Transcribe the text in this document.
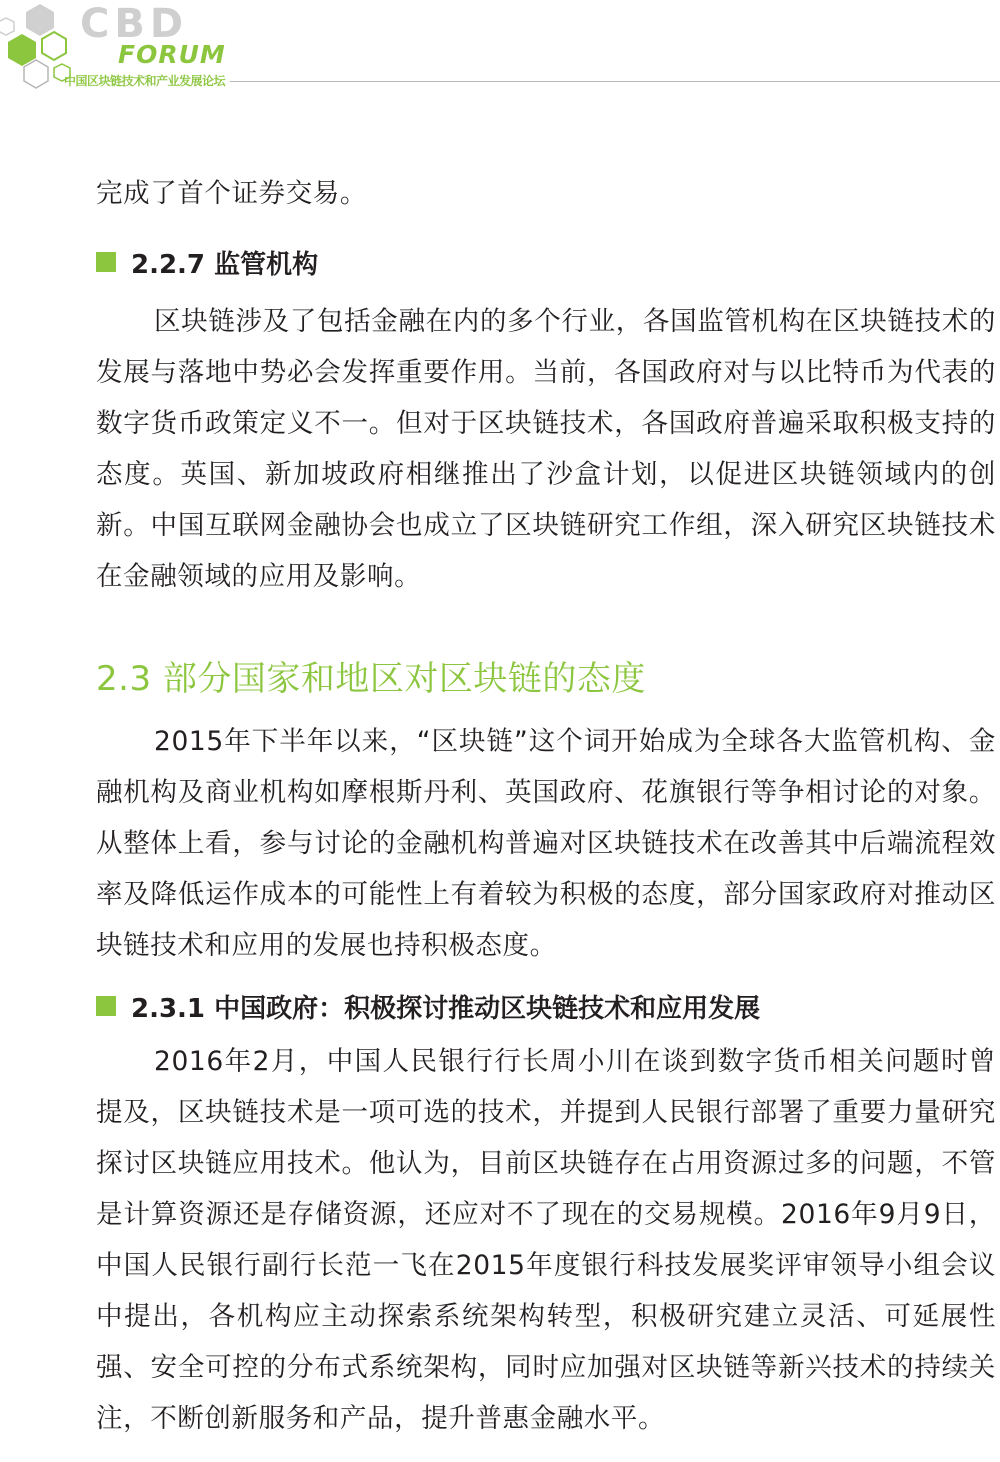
CBD
FORUM
中国区块链技术和产业发展论坛

完成了首个证券交易。

2.2.7 监管机构

区块链涉及了包括金融在内的多个行业，各国监管机构在区块链技术的发展与落地中势必会发挥重要作用。当前，各国政府对与以比特币为代表的数字货币政策定义不一。但对于区块链技术，各国政府普遍采取积极支持的态度。英国、新加坡政府相继推出了沙盒计划，以促进区块链领域内的创新。中国互联网金融协会也成立了区块链研究工作组，深入研究区块链技术在金融领域的应用及影响。

2.3 部分国家和地区对区块链的态度

2015年下半年以来，“区块链”这个词开始成为全球各大监管机构、金融机构及商业机构如摩根斯丹利、英国政府、花旗银行等争相讨论的对象。从整体上看，参与讨论的金融机构普遍对区块链技术在改善其中后端流程效率及降低运作成本的可能性上有着较为积极的态度，部分国家政府对推动区块链技术和应用的发展也持积极态度。

2.3.1 中国政府：积极探讨推动区块链技术和应用发展

2016年2月，中国人民银行行长周小川在谈到数字货币相关问题时曾提及，区块链技术是一项可选的技术，并提到人民银行部署了重要力量研究探讨区块链应用技术。他认为，目前区块链存在占用资源过多的问题，不管是计算资源还是存储资源，还应对不了现在的交易规模。2016年9月9日，中国人民银行副行长范一飞在2015年度银行科技发展奖评审领导小组会议中提出，各机构应主动探索系统架构转型，积极研究建立灵活、可延展性强、安全可控的分布式系统架构，同时应加强对区块链等新兴技术的持续关注，不断创新服务和产品，提升普惠金融水平。
